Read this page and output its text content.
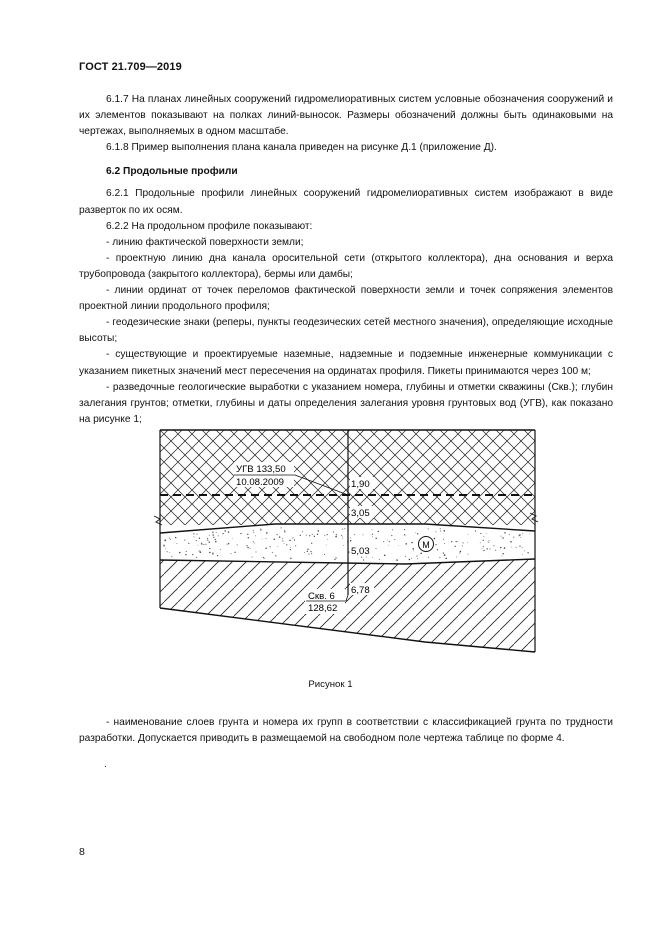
ГОСТ 21.709—2019

6.1.7 На планах линейных сооружений гидромелиоративных систем условные обозначения сооружений и их элементов показывают на полках линий-выносок. Размеры обозначений должны быть одинаковыми на чертежах, выполняемых в одном масштабе.

6.1.8 Пример выполнения плана канала приведен на рисунке Д.1 (приложение Д).

6.2 Продольные профили

6.2.1 Продольные профили линейных сооружений гидромелиоративных систем изображают в виде разверток по их осям.

6.2.2 На продольном профиле показывают:

- линию фактической поверхности земли;

- проектную линию дна канала оросительной сети (открытого коллектора), дна основания и верха трубопровода (закрытого коллектора), бермы или дамбы;

- линии ординат от точек переломов фактической поверхности земли и точек сопряжения элементов проектной линии продольного профиля;

- геодезические знаки (реперы, пункты геодезических сетей местного значения), определяющие исходные высоты;

- существующие и проектируемые наземные, надземные и подземные инженерные коммуникации с указанием пикетных значений мест пересечения на ординатах профиля. Пикеты принимаются через 100 м;

- разведочные геологические выработки с указанием номера, глубины и отметки скважины (Скв.); глубин залегания грунтов; отметки, глубины и даты определения залегания уровня грунтовых вод (УГВ), как показано на рисунке 1;

1,90
3,05
5,03
6,78
УГВ 133,50
10.08.2009
Скв. 6
128,62
М
Рисунок 1

- наименование слоев грунта и номера их групп в соответствии с классификацией грунта по трудности разработки. Допускается приводить в размещаемой на свободном поле чертежа таблице по форме 4.

.
8
